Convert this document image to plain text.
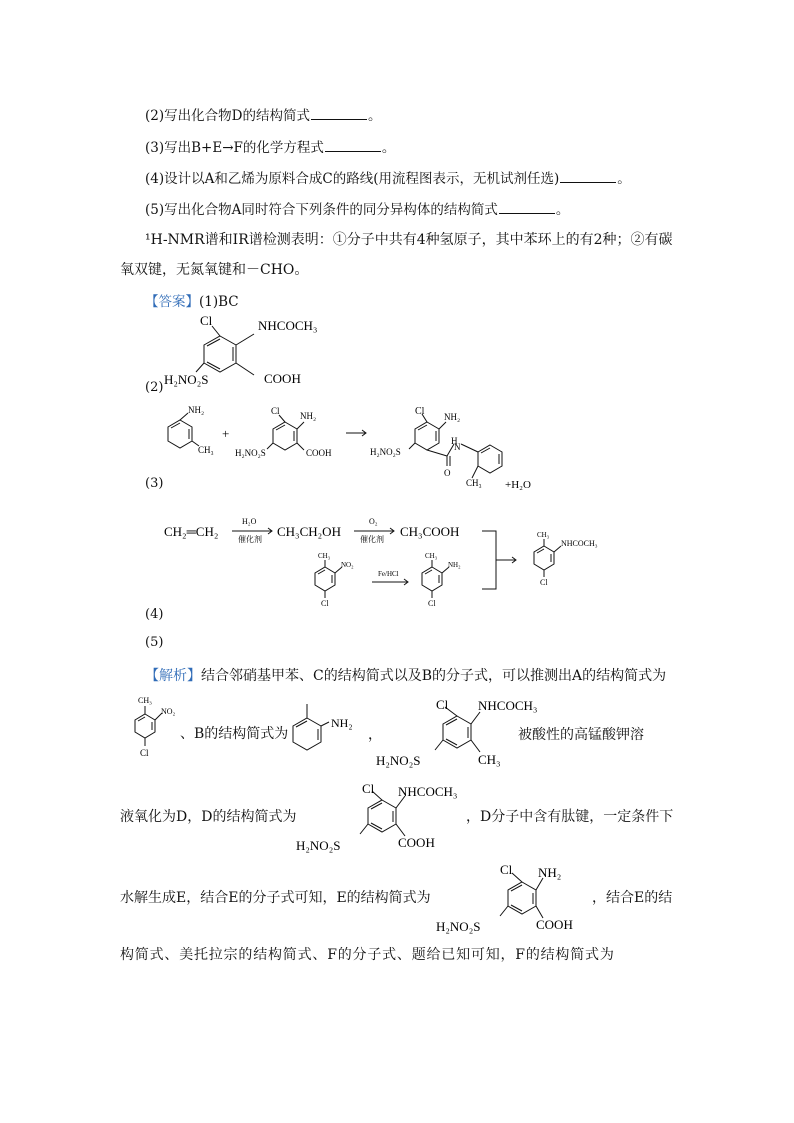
(2)写出化合物D的结构简式	。
(3)写出B+E→F的化学方程式	。
(4)设计以A和乙烯为原料合成C的路线(用流程图表示，无机试剂任选)	。
(5)写出化合物A同时符合下列条件的同分异构体的结构简式	。
¹H-NMR谱和IR谱检测表明：①分子中共有4种氢原子，其中苯环上的有2种；②有碳
氧双键，无氮氧键和－CHO。
【答案】(1)BC
Cl	NHCOCH₃
H₂NO₂S	COOH
(2)
NH₂
CH₃
+
Cl NH₂
H₂NO₂S	COOH
Cl NH₂
H₂NO₂S
H
N
O
CH₃ +H₂O
(3)
CH₂═CH₂
H₂O
催化剂
CH₃CH₂OH
O₂
催化剂
CH₃COOH
CH₃
NO₂
Cl
Fe/HCl
CH₃
NH₂
Cl
CH₃
NHCOCH₃
Cl
(4)
(5)
【解析】结合邻硝基甲苯、C的结构简式以及B的分子式，可以推测出A的结构简式为
CH₃
NO₂
Cl
、B的结构简式为
NH₂
，
Cl NHCOCH₃
H₂NO₂S	CH₃
被酸性的高锰酸钾溶
液氧化为D，D的结构简式为
Cl NHCOCH₃
H₂NO₂S	COOH
，D分子中含有肽键，一定条件下
水解生成E，结合E的分子式可知，E的结构简式为
Cl NH₂
H₂NO₂S	COOH
，结合E的结
构简式、美托拉宗的结构简式、F的分子式、题给已知可知，F的结构简式为
